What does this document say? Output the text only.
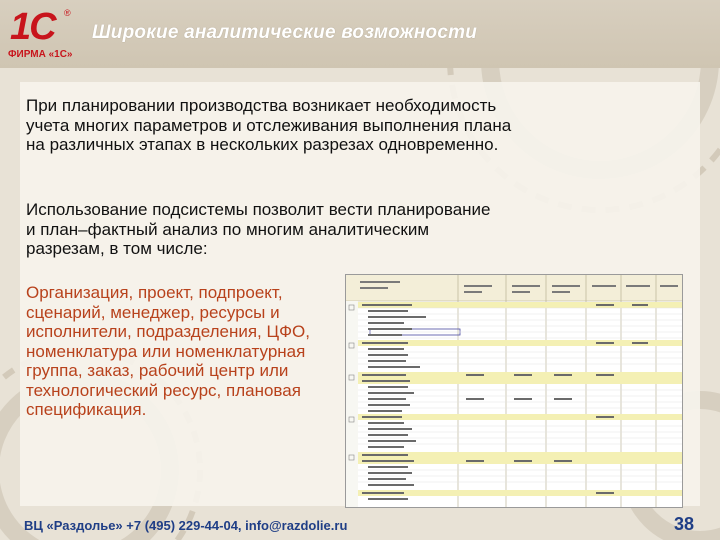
1С ®
ФИРМА «1С»
Широкие аналитические возможности
При планировании производства возникает необходимость учета многих параметров и отслеживания выполнения плана на различных этапах в нескольких разрезах одновременно.
Использование подсистемы позволит вести планирование и план–фактный анализ по многим аналитическим разрезам, в том числе:
Организация, проект, подпроект, сценарий, менеджер, ресурсы и исполнители, подразделения, ЦФО, номенклатура или номенклатурная группа, заказ, рабочий центр или технологический ресурс, плановая спецификация.
ВЦ «Раздолье» +7 (495) 229-44-04, info@razdolie.ru	38
